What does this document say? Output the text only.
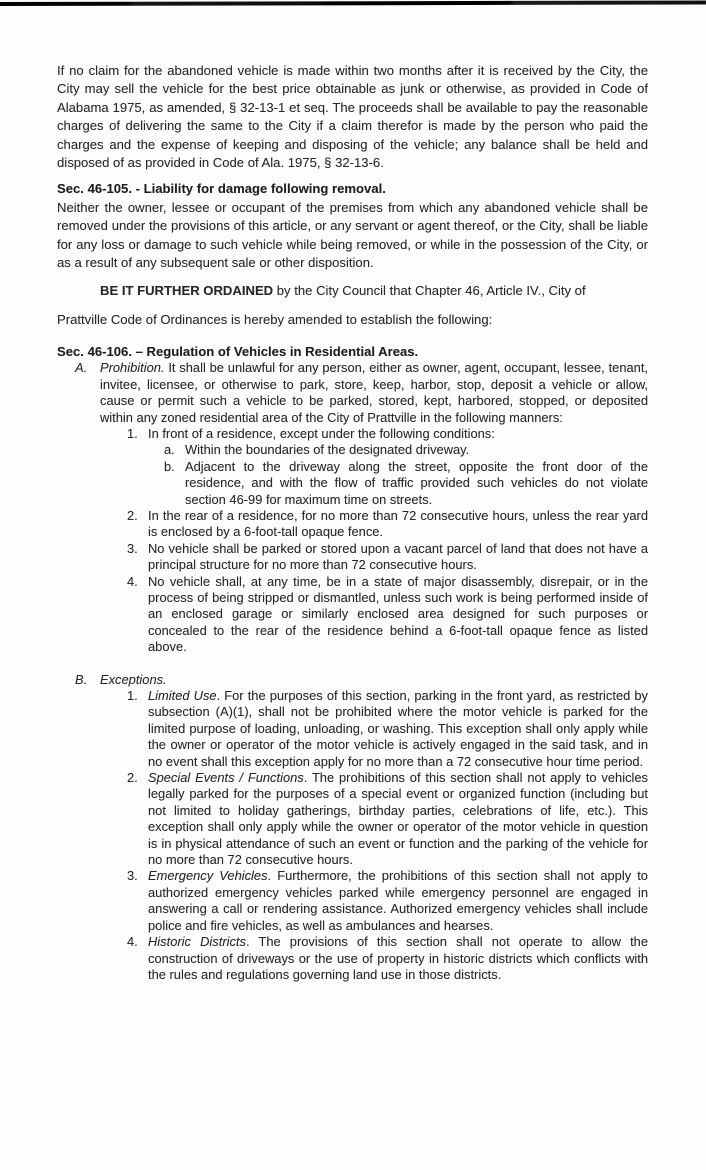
If no claim for the abandoned vehicle is made within two months after it is received by the City, the City may sell the vehicle for the best price obtainable as junk or otherwise, as provided in Code of Alabama 1975, as amended, § 32-13-1 et seq. The proceeds shall be available to pay the reasonable charges of delivering the same to the City if a claim therefor is made by the person who paid the charges and the expense of keeping and disposing of the vehicle; any balance shall be held and disposed of as provided in Code of Ala. 1975, § 32-13-6.

Sec. 46-105. - Liability for damage following removal.

Neither the owner, lessee or occupant of the premises from which any abandoned vehicle shall be removed under the provisions of this article, or any servant or agent thereof, or the City, shall be liable for any loss or damage to such vehicle while being removed, or while in the possession of the City, or as a result of any subsequent sale or other disposition.

BE IT FURTHER ORDAINED by the City Council that Chapter 46, Article IV., City of

Prattville Code of Ordinances is hereby amended to establish the following:

Sec. 46-106. – Regulation of Vehicles in Residential Areas.

A. Prohibition. It shall be unlawful for any person, either as owner, agent, occupant, lessee, tenant, invitee, licensee, or otherwise to park, store, keep, harbor, stop, deposit a vehicle or allow, cause or permit such a vehicle to be parked, stored, kept, harbored, stopped, or deposited within any zoned residential area of the City of Prattville in the following manners:
1. In front of a residence, except under the following conditions:
a. Within the boundaries of the designated driveway.
b. Adjacent to the driveway along the street, opposite the front door of the residence, and with the flow of traffic provided such vehicles do not violate section 46-99 for maximum time on streets.
2. In the rear of a residence, for no more than 72 consecutive hours, unless the rear yard is enclosed by a 6-foot-tall opaque fence.
3. No vehicle shall be parked or stored upon a vacant parcel of land that does not have a principal structure for no more than 72 consecutive hours.
4. No vehicle shall, at any time, be in a state of major disassembly, disrepair, or in the process of being stripped or dismantled, unless such work is being performed inside of an enclosed garage or similarly enclosed area designed for such purposes or concealed to the rear of the residence behind a 6-foot-tall opaque fence as listed above.
B. Exceptions.
1. Limited Use. For the purposes of this section, parking in the front yard, as restricted by subsection (A)(1), shall not be prohibited where the motor vehicle is parked for the limited purpose of loading, unloading, or washing. This exception shall only apply while the owner or operator of the motor vehicle is actively engaged in the said task, and in no event shall this exception apply for no more than a 72 consecutive hour time period.
2. Special Events / Functions. The prohibitions of this section shall not apply to vehicles legally parked for the purposes of a special event or organized function (including but not limited to holiday gatherings, birthday parties, celebrations of life, etc.). This exception shall only apply while the owner or operator of the motor vehicle in question is in physical attendance of such an event or function and the parking of the vehicle for no more than 72 consecutive hours.
3. Emergency Vehicles. Furthermore, the prohibitions of this section shall not apply to authorized emergency vehicles parked while emergency personnel are engaged in answering a call or rendering assistance. Authorized emergency vehicles shall include police and fire vehicles, as well as ambulances and hearses.
4. Historic Districts. The provisions of this section shall not operate to allow the construction of driveways or the use of property in historic districts which conflicts with the rules and regulations governing land use in those districts.
